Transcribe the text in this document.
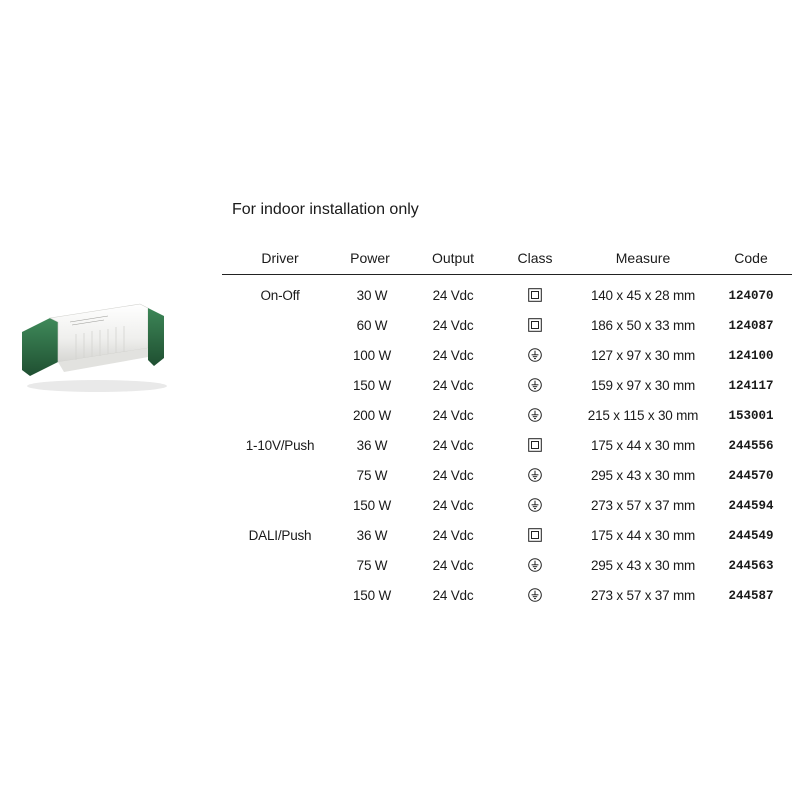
For indoor installation only
Driver	Power	Output	Class	Measure	Code
On-Off	30 W	24 Vdc	140 x 45 x 28 mm	124070
60 W	24 Vdc	186 x 50 x 33 mm	124087
100 W	24 Vdc	127 x 97 x 30 mm	124100
150 W	24 Vdc	159 x 97 x 30 mm	124117
200 W	24 Vdc	215 x 115 x 30 mm 153001
1-10V/Push	36 W	24 Vdc	175 x 44 x 30 mm	244556
75 W	24 Vdc	295 x 43 x 30 mm	244570
150 W	24 Vdc	273 x 57 x 37 mm	244594
DALI/Push	36 W	24 Vdc	175 x 44 x 30 mm	244549
75 W	24 Vdc	295 x 43 x 30 mm	244563
150 W	24 Vdc	273 x 57 x 37 mm	244587
